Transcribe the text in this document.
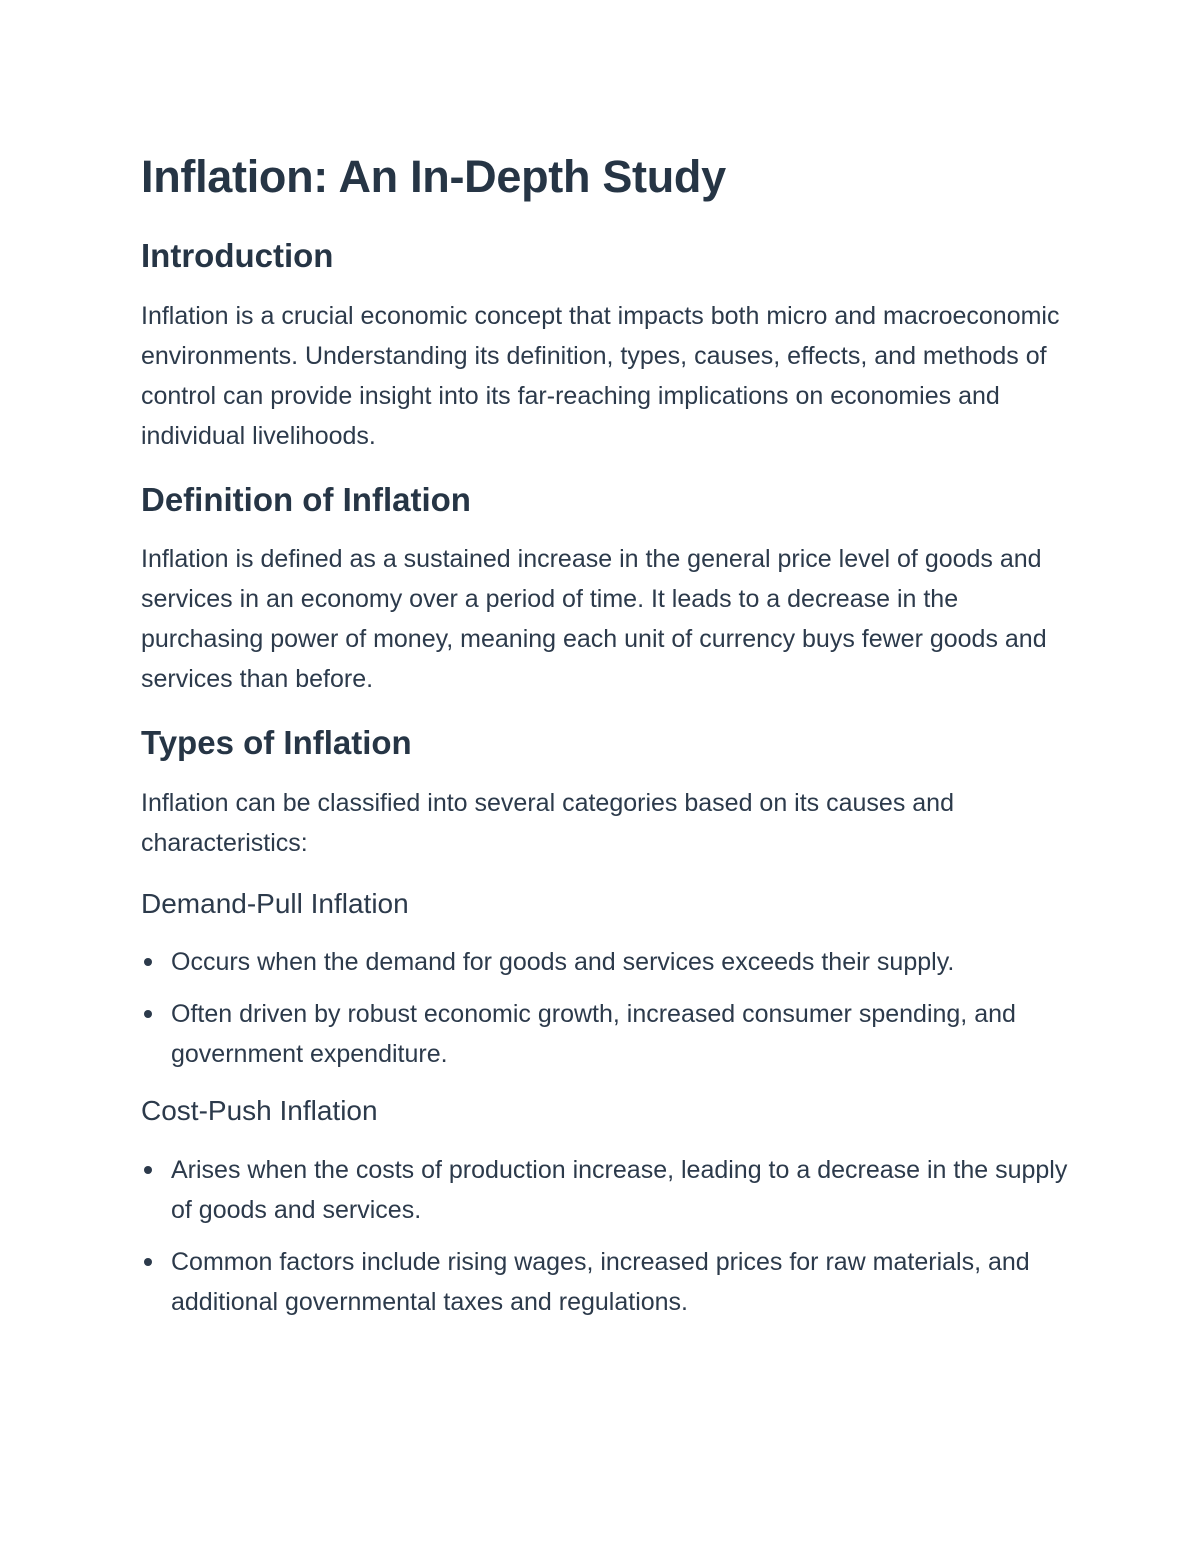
Inflation: An In-Depth Study
Introduction

Inflation is a crucial economic concept that impacts both micro and macroeconomic environments. Understanding its definition, types, causes, effects, and methods of control can provide insight into its far-reaching implications on economies and individual livelihoods.

Definition of Inflation

Inflation is defined as a sustained increase in the general price level of goods and services in an economy over a period of time. It leads to a decrease in the purchasing power of money, meaning each unit of currency buys fewer goods and services than before.

Types of Inflation

Inflation can be classified into several categories based on its causes and characteristics:

Demand-Pull Inflation
Occurs when the demand for goods and services exceeds their supply.
Often driven by robust economic growth, increased consumer spending, and government expenditure.
Cost-Push Inflation
Arises when the costs of production increase, leading to a decrease in the supply of goods and services.
Common factors include rising wages, increased prices for raw materials, and additional governmental taxes and regulations.
